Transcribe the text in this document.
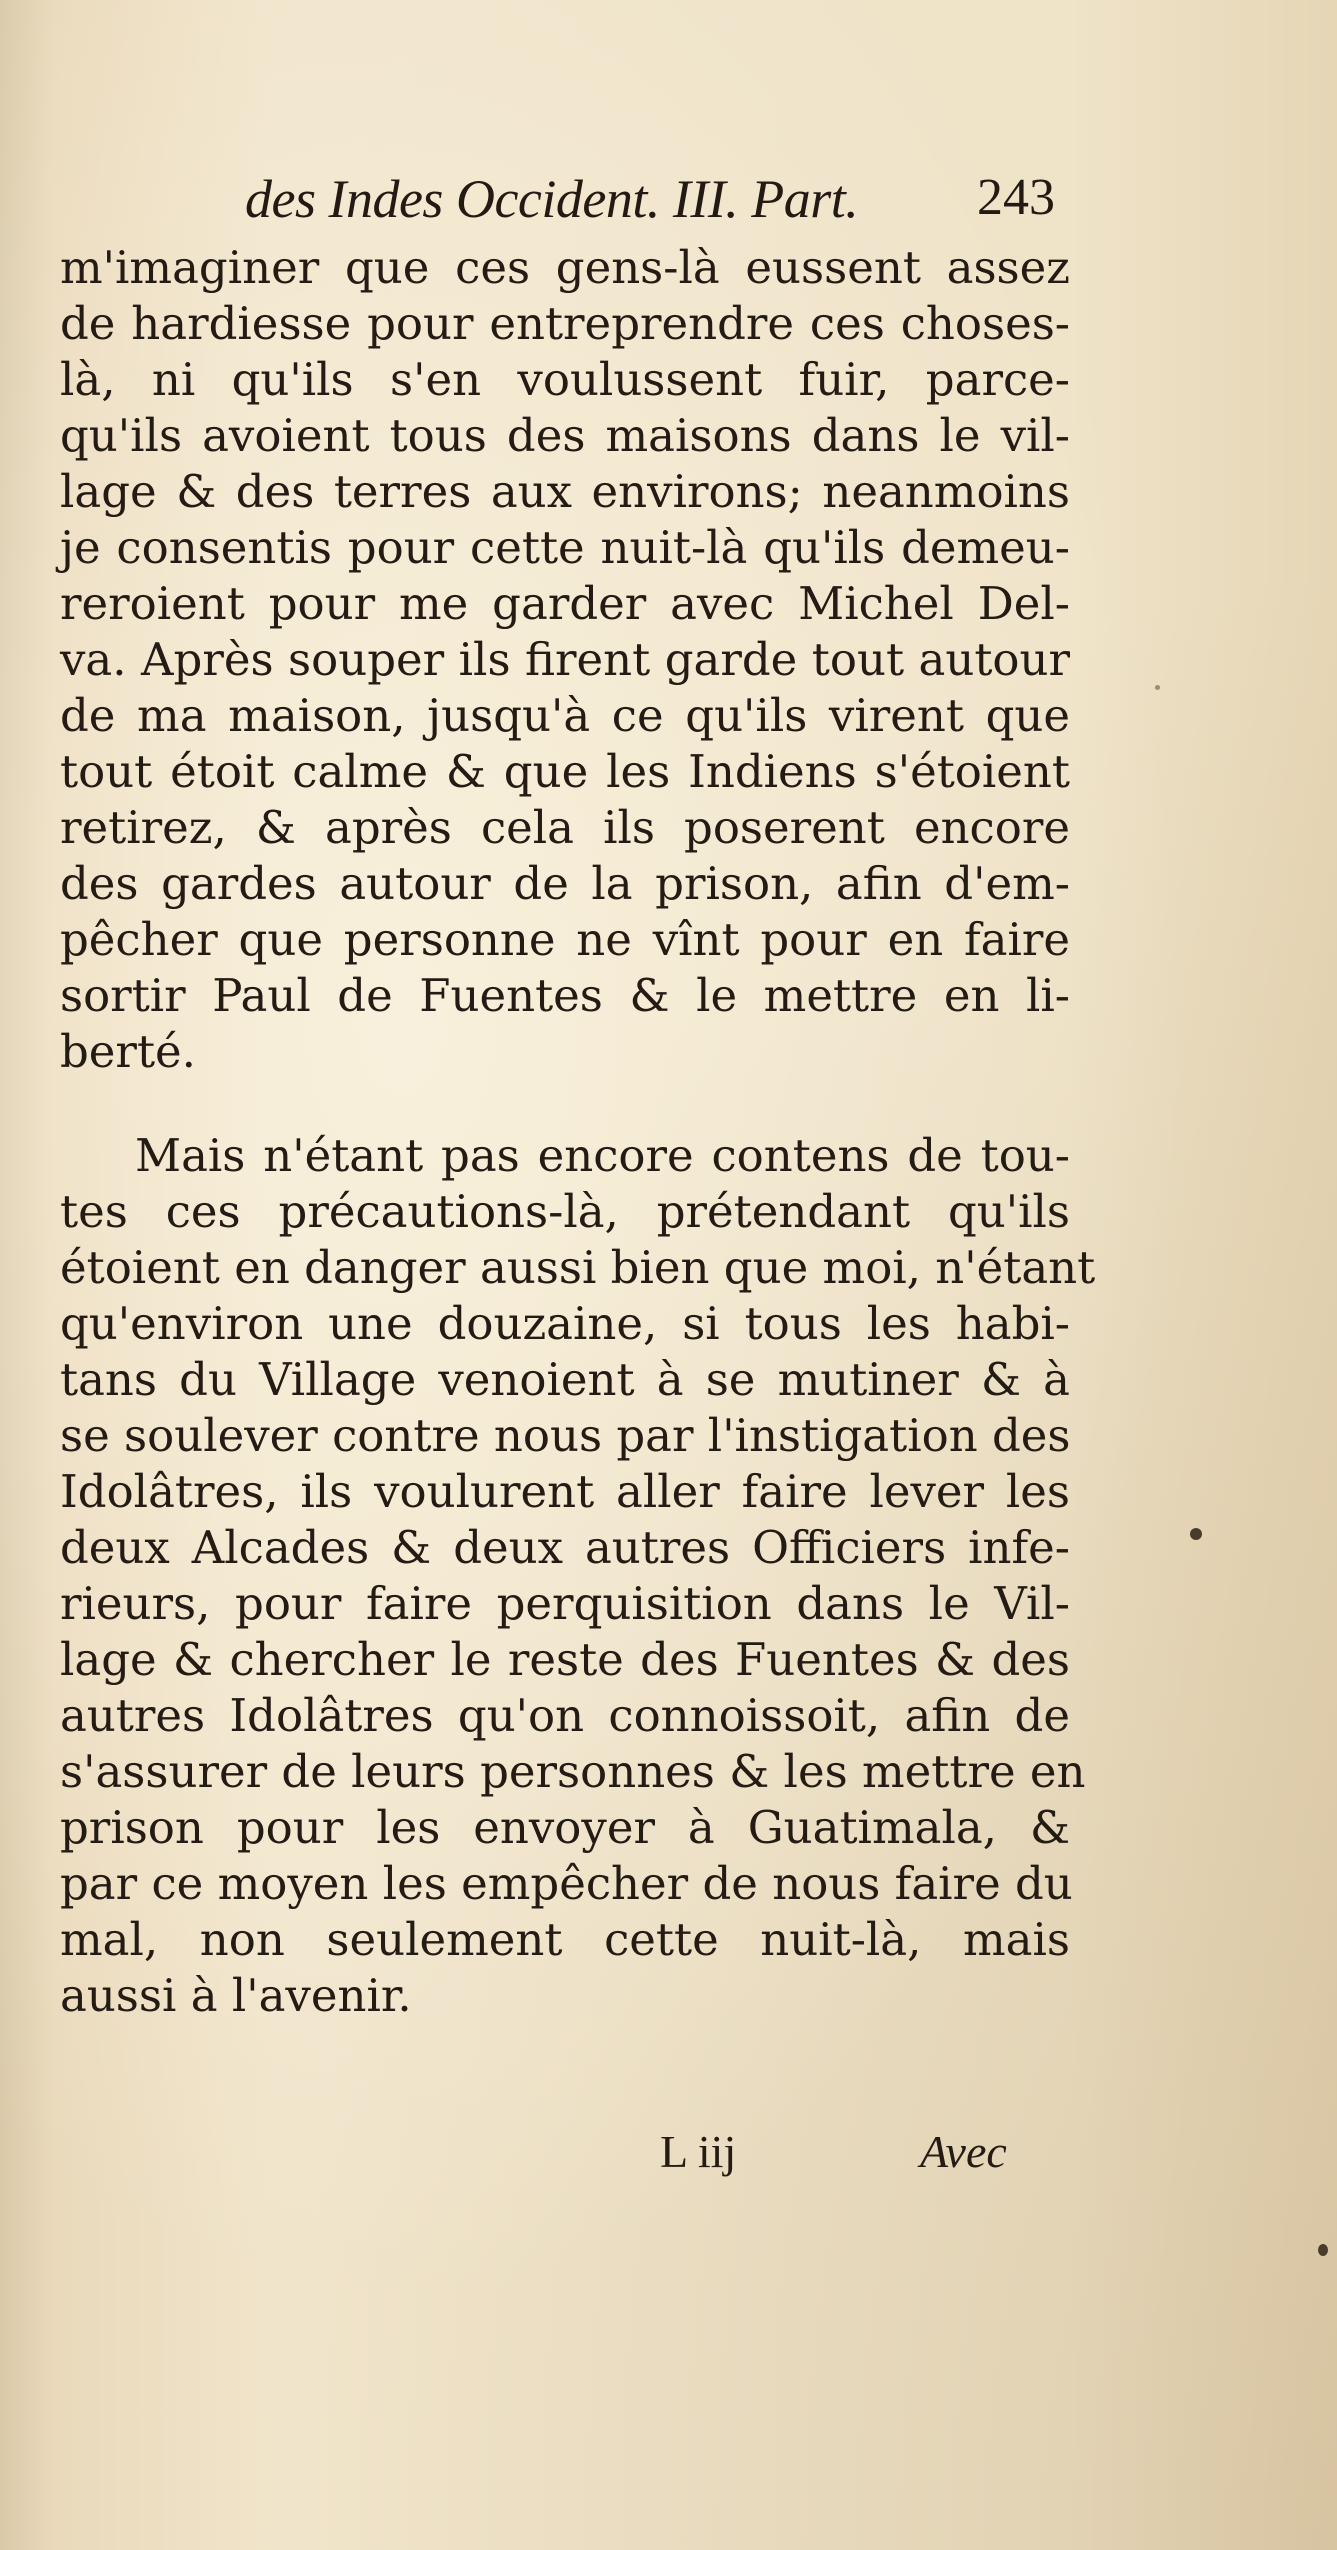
des Indes Occident. III. Part. 243
m'imaginer que ces gens-là eussent assez
de hardiesse pour entreprendre ces choses-
là, ni qu'ils s'en voulussent fuir, parce-
qu'ils avoient tous des maisons dans le vil-
lage & des terres aux environs; neanmoins
je consentis pour cette nuit-là qu'ils demeu-
reroient pour me garder avec Michel Del-
va. Après souper ils firent garde tout autour
de ma maison, jusqu'à ce qu'ils virent que
tout étoit calme & que les Indiens s'étoient
retirez, & après cela ils poserent encore
des gardes autour de la prison, afin d'em-
pêcher que personne ne vînt pour en faire
sortir Paul de Fuentes & le mettre en li-
berté.
Mais n'étant pas encore contens de tou-
tes ces précautions-là, prétendant qu'ils
étoient en danger aussi bien que moi, n'étant
qu'environ une douzaine, si tous les habi-
tans du Village venoient à se mutiner & à
se soulever contre nous par l'instigation des
Idolâtres, ils voulurent aller faire lever les
deux Alcades & deux autres Officiers infe-
rieurs, pour faire perquisition dans le Vil-
lage & chercher le reste des Fuentes & des
autres Idolâtres qu'on connoissoit, afin de
s'assurer de leurs personnes & les mettre en
prison pour les envoyer à Guatimala, &
par ce moyen les empêcher de nous faire du
mal, non seulement cette nuit-là, mais
aussi à l'avenir.
L iij	Avec
